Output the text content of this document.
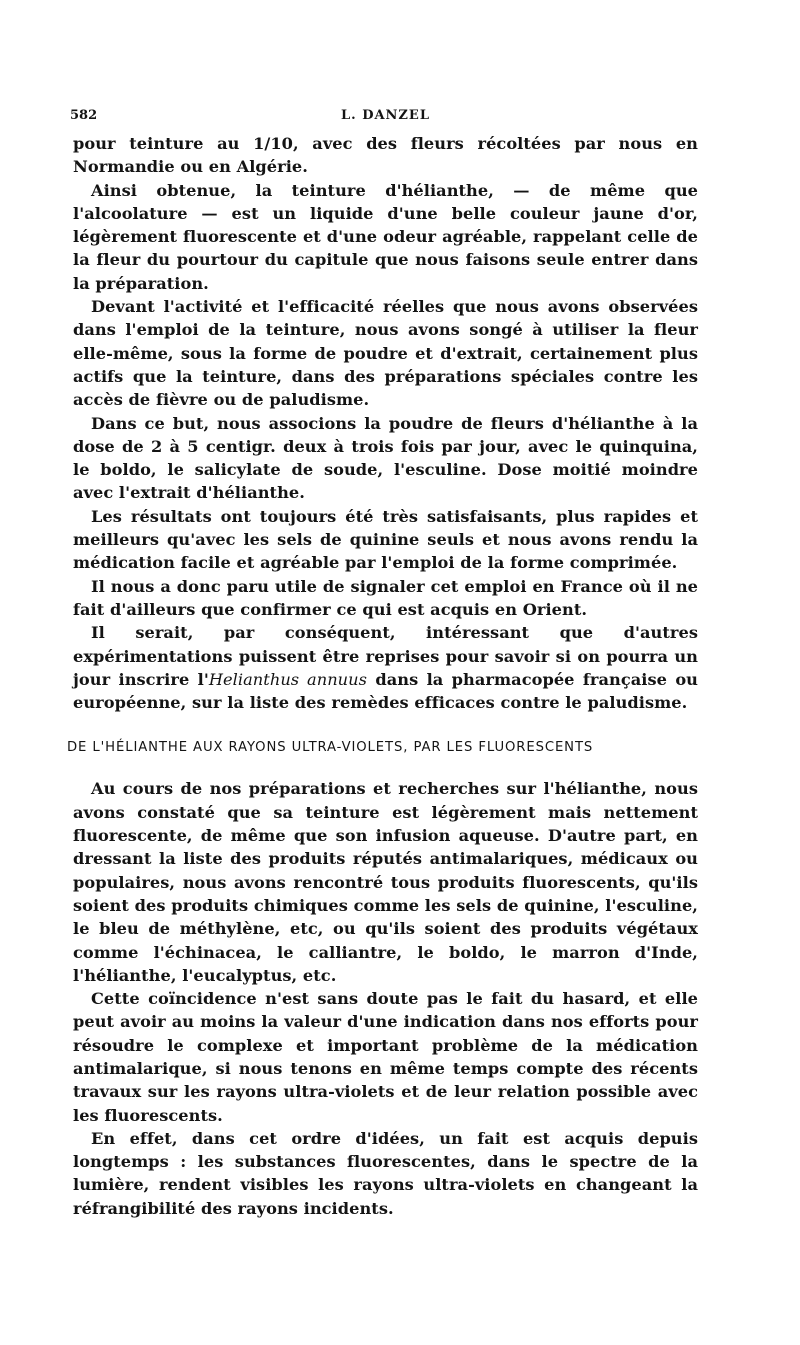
582	L. DANZEL

pour teinture au 1/10, avec des fleurs récoltées par nous en Normandie ou en Algérie.

Ainsi obtenue, la teinture d'hélianthe, — de même que l'alcoolature — est un liquide d'une belle couleur jaune d'or, légèrement fluorescente et d'une odeur agréable, rappelant celle de la fleur du pourtour du capitule que nous faisons seule entrer dans la préparation.

Devant l'activité et l'efficacité réelles que nous avons observées dans l'emploi de la teinture, nous avons songé à utiliser la fleur elle-même, sous la forme de poudre et d'extrait, certainement plus actifs que la teinture, dans des préparations spéciales contre les accès de fièvre ou de paludisme.

Dans ce but, nous associons la poudre de fleurs d'hélianthe à la dose de 2 à 5 centigr. deux à trois fois par jour, avec le quinquina, le boldo, le salicylate de soude, l'esculine. Dose moitié moindre avec l'extrait d'hélianthe.

Les résultats ont toujours été très satisfaisants, plus rapides et meilleurs qu'avec les sels de quinine seuls et nous avons rendu la médication facile et agréable par l'emploi de la forme comprimée.

Il nous a donc paru utile de signaler cet emploi en France où il ne fait d'ailleurs que confirmer ce qui est acquis en Orient.

Il serait, par conséquent, intéressant que d'autres expérimentations puissent être reprises pour savoir si on pourra un jour inscrire l'Helianthus annuus dans la pharmacopée française ou européenne, sur la liste des remèdes efficaces contre le paludisme.

DE L'HÉLIANTHE AUX RAYONS ULTRA-VIOLETS, PAR LES FLUORESCENTS

Au cours de nos préparations et recherches sur l'hélianthe, nous avons constaté que sa teinture est légèrement mais nettement fluorescente, de même que son infusion aqueuse. D'autre part, en dressant la liste des produits réputés antimalariques, médicaux ou populaires, nous avons rencontré tous produits fluorescents, qu'ils soient des produits chimiques comme les sels de quinine, l'esculine, le bleu de méthylène, etc, ou qu'ils soient des produits végétaux comme l'échinacea, le calliantre, le boldo, le marron d'Inde, l'hélianthe, l'eucalyptus, etc.

Cette coïncidence n'est sans doute pas le fait du hasard, et elle peut avoir au moins la valeur d'une indication dans nos efforts pour résoudre le complexe et important problème de la médication antimalarique, si nous tenons en même temps compte des récents travaux sur les rayons ultra-violets et de leur relation possible avec les fluorescents.

En effet, dans cet ordre d'idées, un fait est acquis depuis longtemps : les substances fluorescentes, dans le spectre de la lumière, rendent visibles les rayons ultra-violets en changeant la réfrangibilité des rayons incidents.
